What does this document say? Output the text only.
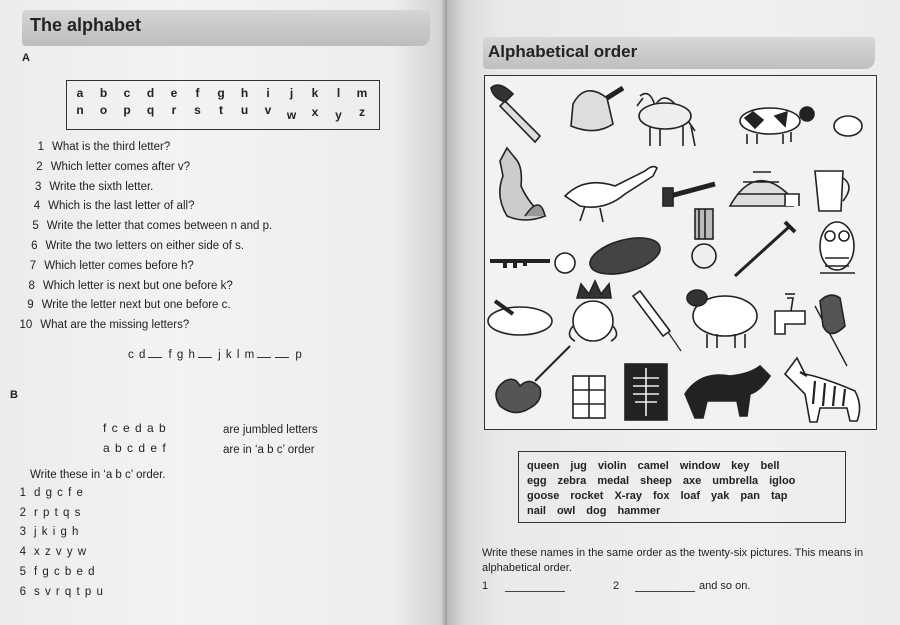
The alphabet
A
a	b	c	d	e	f	g h	i	j	k	l	m
n o p q	r	s	t	u	v	w	x	y	z
1 What is the third letter?
2 Which letter comes after v?
3 Write the sixth letter.
4 Which is the last letter of all?
5 Write the letter that comes between n and p.
6 Write the two letters on either side of s.
7 Which letter comes before h?
8 Which letter is next but one before k?
9 Write the letter next but one before c.
10 What are the missing letters?
c d f g h j k l m	p
B
f c e d a b	are jumbled letters
a b c d e f	are in ‘a b c’ order
Write these in ‘a b c’ order.
1 d g c f e
2 r p t q s
3 j k i g h
4 x z v y w
5 f g c b e d
6 s v r q t p u
Alphabetical order
queen jug violin camel window key bell
egg zebra medal sheep axe umbrella igloo
goose rocket X-ray fox loaf yak pan tap
nail owl dog hammer
Write these names in the same order as the twenty-six pictures. This means in alphabetical order.
1	2	and so on.
